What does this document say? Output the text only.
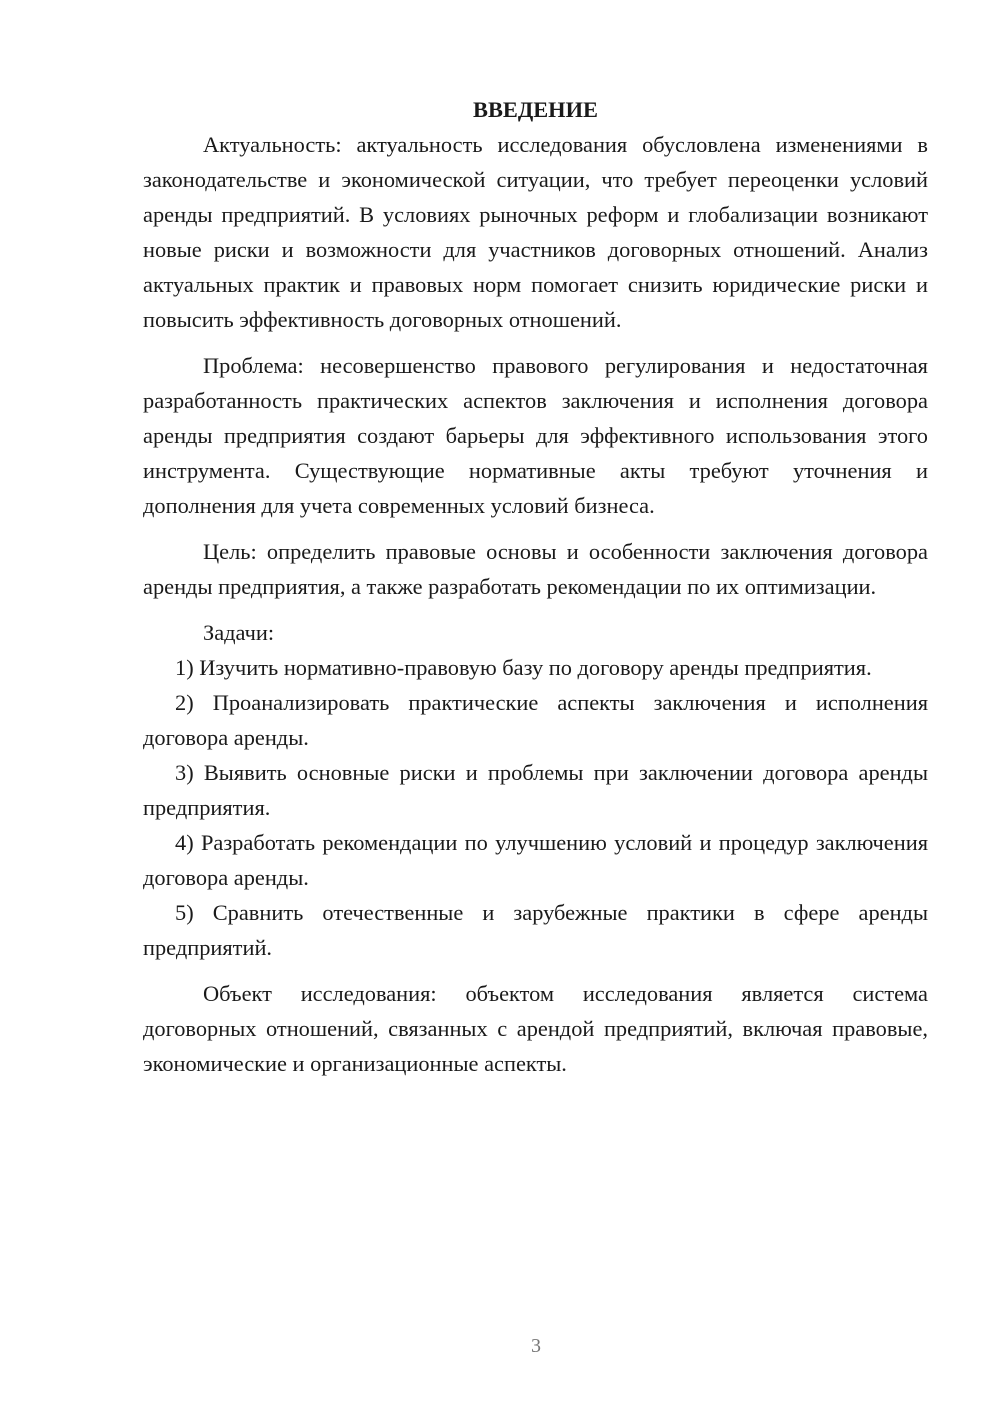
ВВЕДЕНИЕ

Актуальность: актуальность исследования обусловлена изменениями в законодательстве и экономической ситуации, что требует переоценки условий аренды предприятий. В условиях рыночных реформ и глобализации возникают новые риски и возможности для участников договорных отношений. Анализ актуальных практик и правовых норм помогает снизить юридические риски и повысить эффективность договорных отношений.

Проблема: несовершенство правового регулирования и недостаточная разработанность практических аспектов заключения и исполнения договора аренды предприятия создают барьеры для эффективного использования этого инструмента. Существующие нормативные акты требуют уточнения и дополнения для учета современных условий бизнеса.

Цель: определить правовые основы и особенности заключения договора аренды предприятия, а также разработать рекомендации по их оптимизации.

Задачи:

1) Изучить нормативно-правовую базу по договору аренды предприятия.

2) Проанализировать практические аспекты заключения и исполнения договора аренды.

3) Выявить основные риски и проблемы при заключении договора аренды предприятия.

4) Разработать рекомендации по улучшению условий и процедур заключения договора аренды.

5) Сравнить отечественные и зарубежные практики в сфере аренды предприятий.

Объект исследования: объектом исследования является система договорных отношений, связанных с арендой предприятий, включая правовые, экономические и организационные аспекты.

3
